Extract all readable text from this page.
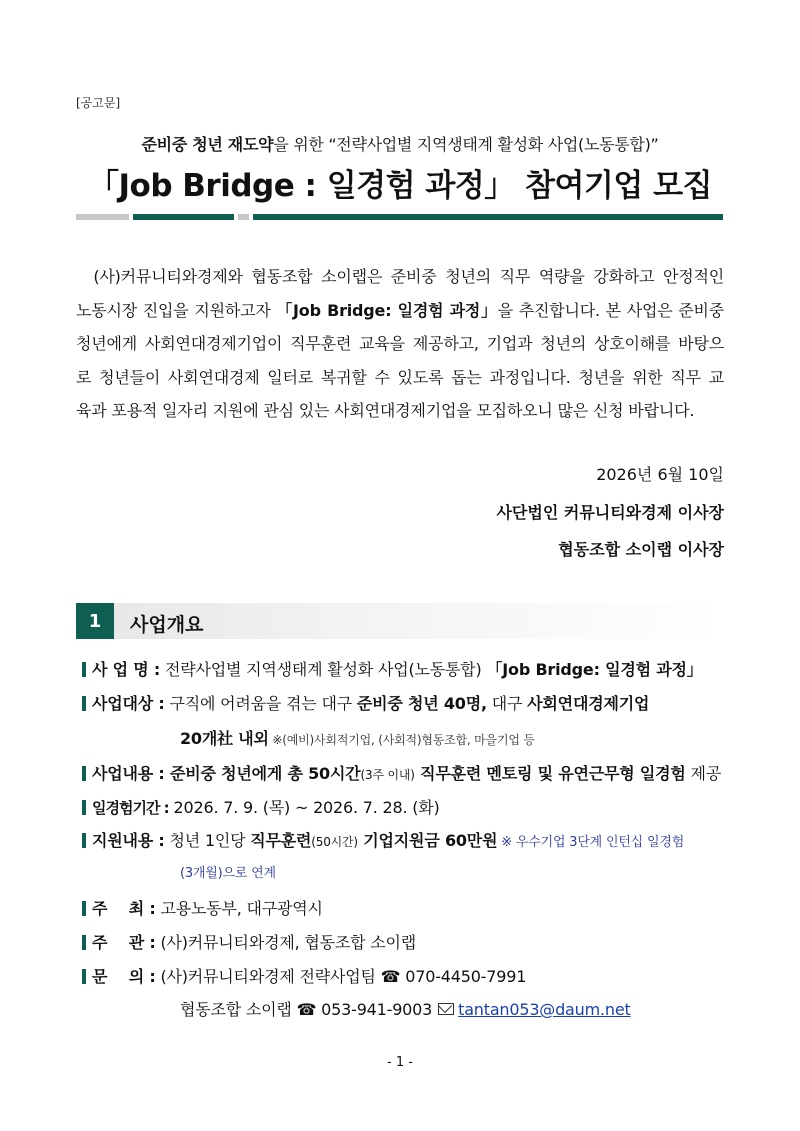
[공고문]
준비중 청년 재도약을 위한 “전략사업별 지역생태계 활성화 사업(노동통합)”
「Job Bridge : 일경험 과정」 참여기업 모집
(사)커뮤니티와경제와 협동조합 소이랩은 준비중 청년의 직무 역량을 강화하고 안정적인
노동시장 진입을 지원하고자 「Job Bridge: 일경험 과정」을 추진합니다. 본 사업은 준비중
청년에게 사회연대경제기업이 직무훈련 교육을 제공하고, 기업과 청년의 상호이해를 바탕으
로 청년들이 사회연대경제 일터로 복귀할 수 있도록 돕는 과정입니다. 청년을 위한 직무 교
육과 포용적 일자리 지원에 관심 있는 사회연대경제기업을 모집하오니 많은 신청 바랍니다.
2026년 6월 10일
사단법인 커뮤니티와경제 이사장
협동조합 소이랩 이사장
1	사업개요
사 업 명 : 전략사업별 지역생태계 활성화 사업(노동통합) 「Job Bridge: 일경험 과정」
사업대상 : 구직에 어려움을 겪는 대구 준비중 청년 40명, 대구 사회연대경제기업
20개社 내외 ※(예비)사회적기업, (사회적)협동조합, 마을기업 등
사업내용 : 준비중 청년에게 총 50시간(3주 이내) 직무훈련 멘토링 및 유연근무형 일경험 제공
일경험기간 : 2026. 7. 9. (목) ~ 2026. 7. 28. (화)
지원내용 : 청년 1인당 직무훈련(50시간) 기업지원금 60만원 ※ 우수기업 3단계 인턴십 일경험
(3개월)으로 연계
주    최 : 고용노동부, 대구광역시
주    관 : (사)커뮤니티와경제, 협동조합 소이랩
문    의 : (사)커뮤니티와경제 전략사업팀 ☎ 070-4450-7991
협동조합 소이랩 ☎ 053-941-9003 tantan053@daum.net
- 1 -
